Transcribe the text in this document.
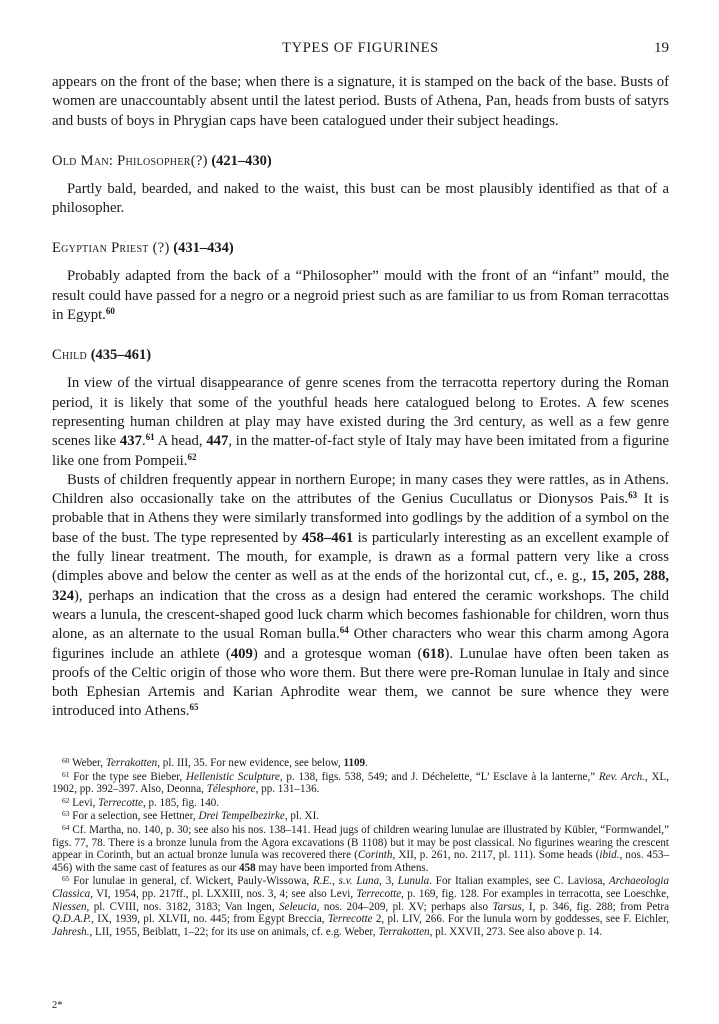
TYPES OF FIGURINES	19

appears on the front of the base; when there is a signature, it is stamped on the back of the base. Busts of women are unaccountably absent until the latest period. Busts of Athena, Pan, heads from busts of satyrs and busts of boys in Phrygian caps have been catalogued under their subject headings.

Old Man: Philosopher(?) (421–430)

Partly bald, bearded, and naked to the waist, this bust can be most plausibly identified as that of a philosopher.

Egyptian Priest (?) (431–434)

Probably adapted from the back of a “Philosopher” mould with the front of an “infant” mould, the result could have passed for a negro or a negroid priest such as are familiar to us from Roman terracottas in Egypt.$^{60}$

Child (435–461)

In view of the virtual disappearance of genre scenes from the terracotta repertory during the Roman period, it is likely that some of the youthful heads here catalogued belong to Erotes. A few scenes representing human children at play may have existed during the 3rd century, as well as a few genre scenes like 437.61 A head, 447, in the matter-of-fact style of Italy may have been imitated from a figurine like one from Pompeii.$^{62}$

Busts of children frequently appear in northern Europe; in many cases they were rattles, as in Athens. Children also occasionally take on the attributes of the Genius Cucullatus or Dionysos Pais.$^{63}$ It is probable that in Athens they were similarly transformed into godlings by the addition of a symbol on the base of the bust. The type represented by 458–461 is particularly interesting as an excellent example of the fully linear treatment. The mouth, for example, is drawn as a formal pattern very like a cross (dimples above and below the center as well as at the ends of the horizontal cut, cf., e. g., 15, 205, 288, 324), perhaps an indication that the cross as a design had entered the ceramic workshops. The child wears a lunula, the crescent-shaped good luck charm which becomes fashionable for children, worn thus alone, as an alternate to the usual Roman bulla.$^{64}$ Other characters who wear this charm among Agora figurines include an athlete (409) and a grotesque woman (618). Lunulae have often been taken as proofs of the Celtic origin of those who wore them. But there were pre-Roman lunulae in Italy and since both Ephesian Artemis and Karian Aphrodite wear them, we cannot be sure whence they were introduced into Athens.$^{65}$

$^{60}$ Weber, Terrakotten, pl. III, 35. For new evidence, see below, 1109.

$^{61}$ For the type see Bieber, Hellenistic Sculpture, p. 138, figs. 538, 549; and J. Déchelette, “L’ Esclave à la lanterne,” Rev. Arch., XL, 1902, pp. 392–397. Also, Deonna, Télesphore, pp. 131–136.

$^{62}$ Levi, Terrecotte, p. 185, fig. 140.

$^{63}$ For a selection, see Hettner, Drei Tempelbezirke, pl. XI.

$^{64}$ Cf. Martha, no. 140, p. 30; see also his nos. 138–141. Head jugs of children wearing lunulae are illustrated by Kübler, “Formwandel,” figs. 77, 78. There is a bronze lunula from the Agora excavations (B 1108) but it may be post classical. No figurines wearing the crescent appear in Corinth, but an actual bronze lunula was recovered there (Corinth, XII, p. 261, no. 2117, pl. 111). Some heads (ibid., nos. 453–456) with the same cast of features as our 458 may have been imported from Athens.

$^{65}$ For lunulae in general, cf. Wickert, Pauly-Wissowa, R.E., s.v. Luna, 3, Lunula. For Italian examples, see C. Laviosa, Archaeologia Classica, VI, 1954, pp. 217ff., pl. LXXIII, nos. 3, 4; see also Levi, Terrecotte, p. 169, fig. 128. For examples in terracotta, see Loeschke, Niessen, pl. CVIII, nos. 3182, 3183; Van Ingen, Seleucia, nos. 204–209, pl. XV; perhaps also Tarsus, I, p. 346, fig. 288; from Petra Q.D.A.P., IX, 1939, pl. XLVII, no. 445; from Egypt Breccia, Terrecotte 2, pl. LIV, 266. For the lunula worn by goddesses, see F. Eichler, Jahresh., LII, 1955, Beiblatt, 1–22; for its use on animals, cf. e.g. Weber, Terrakotten, pl. XXVII, 273. See also above p. 14.

2*
